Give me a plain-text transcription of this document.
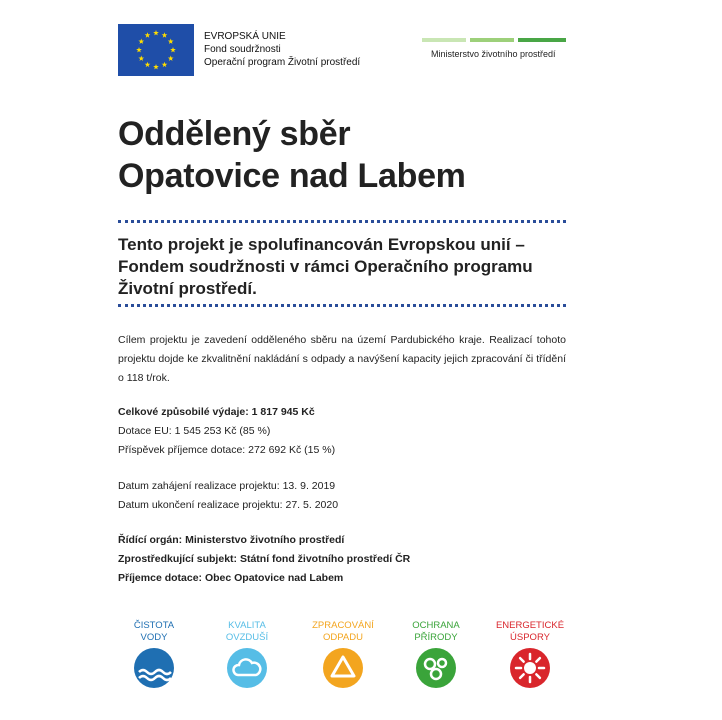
EVROPSKÁ UNIE
Fond soudržnosti
Operační program Životní prostředí
Ministerstvo životního prostředí
Oddělený sběr
Opatovice nad Labem
Tento projekt je spolufinancován Evropskou unií –
Fondem soudržnosti v rámci Operačního programu
Životní prostředí.
Cílem projektu je zavedení odděleného sběru na území Pardubického kraje. Realizací tohoto projektu dojde ke zkvalitnění nakládání s odpady a navýšení kapacity jejich zpracování či třídění o 118 t/rok.
Celkové způsobilé výdaje: 1 817 945 Kč
Dotace EU: 1 545 253 Kč (85 %)
Příspěvek příjemce dotace: 272 692 Kč (15 %)
Datum zahájení realizace projektu: 13. 9. 2019
Datum ukončení realizace projektu: 27. 5. 2020
Řídící orgán: Ministerstvo životního prostředí
Zprostředkující subjekt: Státní fond životního prostředí ČR
Příjemce dotace: Obec Opatovice nad Labem
ČISTOTA
VODY
KVALITA
OVZDUŠÍ
ZPRACOVÁNÍ
ODPADU
OCHRANA
PŘÍRODY
ENERGETICKÉ
ÚSPORY
